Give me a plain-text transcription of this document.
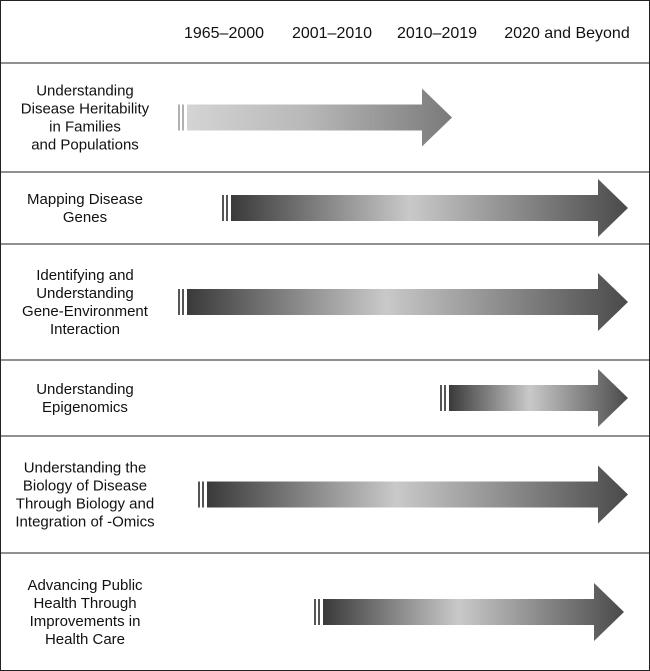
1965–2000 2001–2010 2010–2019 2020 and Beyond
Understanding Disease Heritability in Families and Populations
Mapping Disease Genes
Identifying and Understanding Gene-Environment Interaction
Understanding Epigenomics
Understanding the Biology of Disease Through Biology and Integration of -Omics
Advancing Public Health Through Improvements in Health Care
